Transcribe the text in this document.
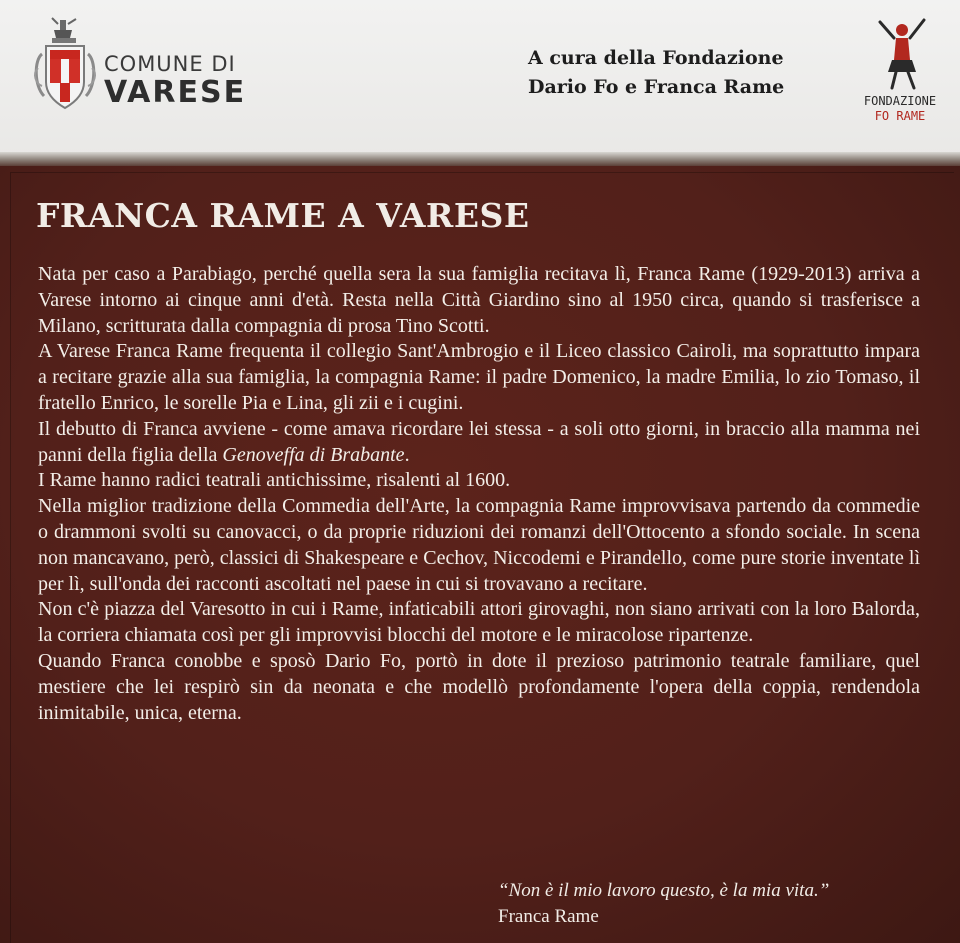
COMUNE DI
VARESE
A cura della Fondazione
Dario Fo e Franca Rame
FONDAZIONE
FO RAME
FRANCA RAME A VARESE

Nata per caso a Parabiago, perché quella sera la sua famiglia recitava lì, Franca Rame (1929-2013) arriva a Varese intorno ai cinque anni d'età. Resta nella Città Giardino sino al 1950 circa, quando si trasferisce a Milano, scritturata dalla compagnia di prosa Tino Scotti.

A Varese Franca Rame frequenta il collegio Sant'Ambrogio e il Liceo classico Cairoli, ma soprattutto impara a recitare grazie alla sua famiglia, la compagnia Rame: il padre Domenico, la madre Emilia, lo zio Tomaso, il fratello Enrico, le sorelle Pia e Lina, gli zii e i cugini.

Il debutto di Franca avviene - come amava ricordare lei stessa - a soli otto giorni, in braccio alla mamma nei panni della figlia della Genoveffa di Brabante.

I Rame hanno radici teatrali antichissime, risalenti al 1600.

Nella miglior tradizione della Commedia dell'Arte, la compagnia Rame improvvisava partendo da commedie o drammoni svolti su canovacci, o da proprie riduzioni dei romanzi dell'Ottocento a sfondo sociale. In scena non mancavano, però, classici di Shakespeare e Cechov, Niccodemi e Pirandello, come pure storie inventate lì per lì, sull'onda dei racconti ascoltati nel paese in cui si trovavano a recitare.

Non c'è piazza del Varesotto in cui i Rame, infaticabili attori girovaghi, non siano arrivati con la loro Balorda, la corriera chiamata così per gli improvvisi blocchi del motore e le miracolose ripartenze.

Quando Franca conobbe e sposò Dario Fo, portò in dote il prezioso patrimonio teatrale familiare, quel mestiere che lei respirò sin da neonata e che modellò profondamente l'opera della coppia, rendendola inimitabile, unica, eterna.

“Non è il mio lavoro questo, è la mia vita.”
Franca Rame
